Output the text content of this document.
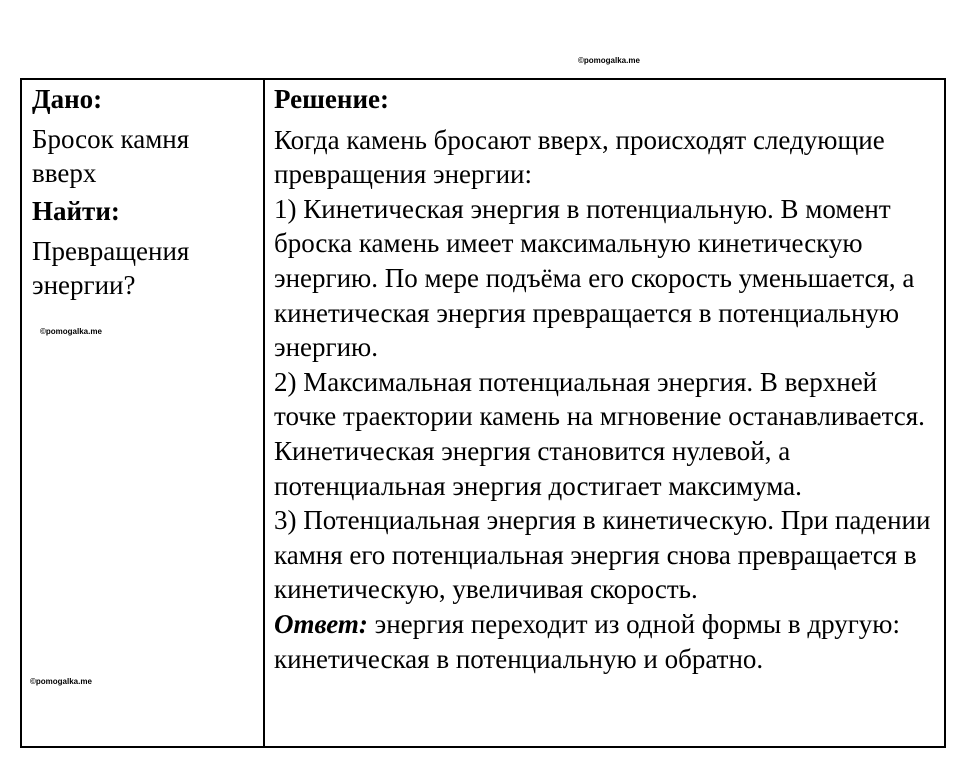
©pomogalka.me
Дано:
Бросок камня вверх
Найти:
Превращения энергии?
Решение:

Когда камень бросают вверх, происходят следующие превращения энергии:

1) Кинетическая энергия в потенциальную. В момент броска камень имеет максимальную кинетическую энергию. По мере подъёма его скорость уменьшается, а кинетическая энергия превращается в потенциальную энергию.

2) Максимальная потенциальная энергия. В верхней точке траектории камень на мгновение останавливается. Кинетическая энергия становится нулевой, а потенциальная энергия достигает максимума.

3) Потенциальная энергия в кинетическую. При падении камня его потенциальная энергия снова превращается в кинетическую, увеличивая скорость.

Ответ: энергия переходит из одной формы в другую: кинетическая в потенциальную и обратно.

©pomogalka.me
©pomogalka.me
